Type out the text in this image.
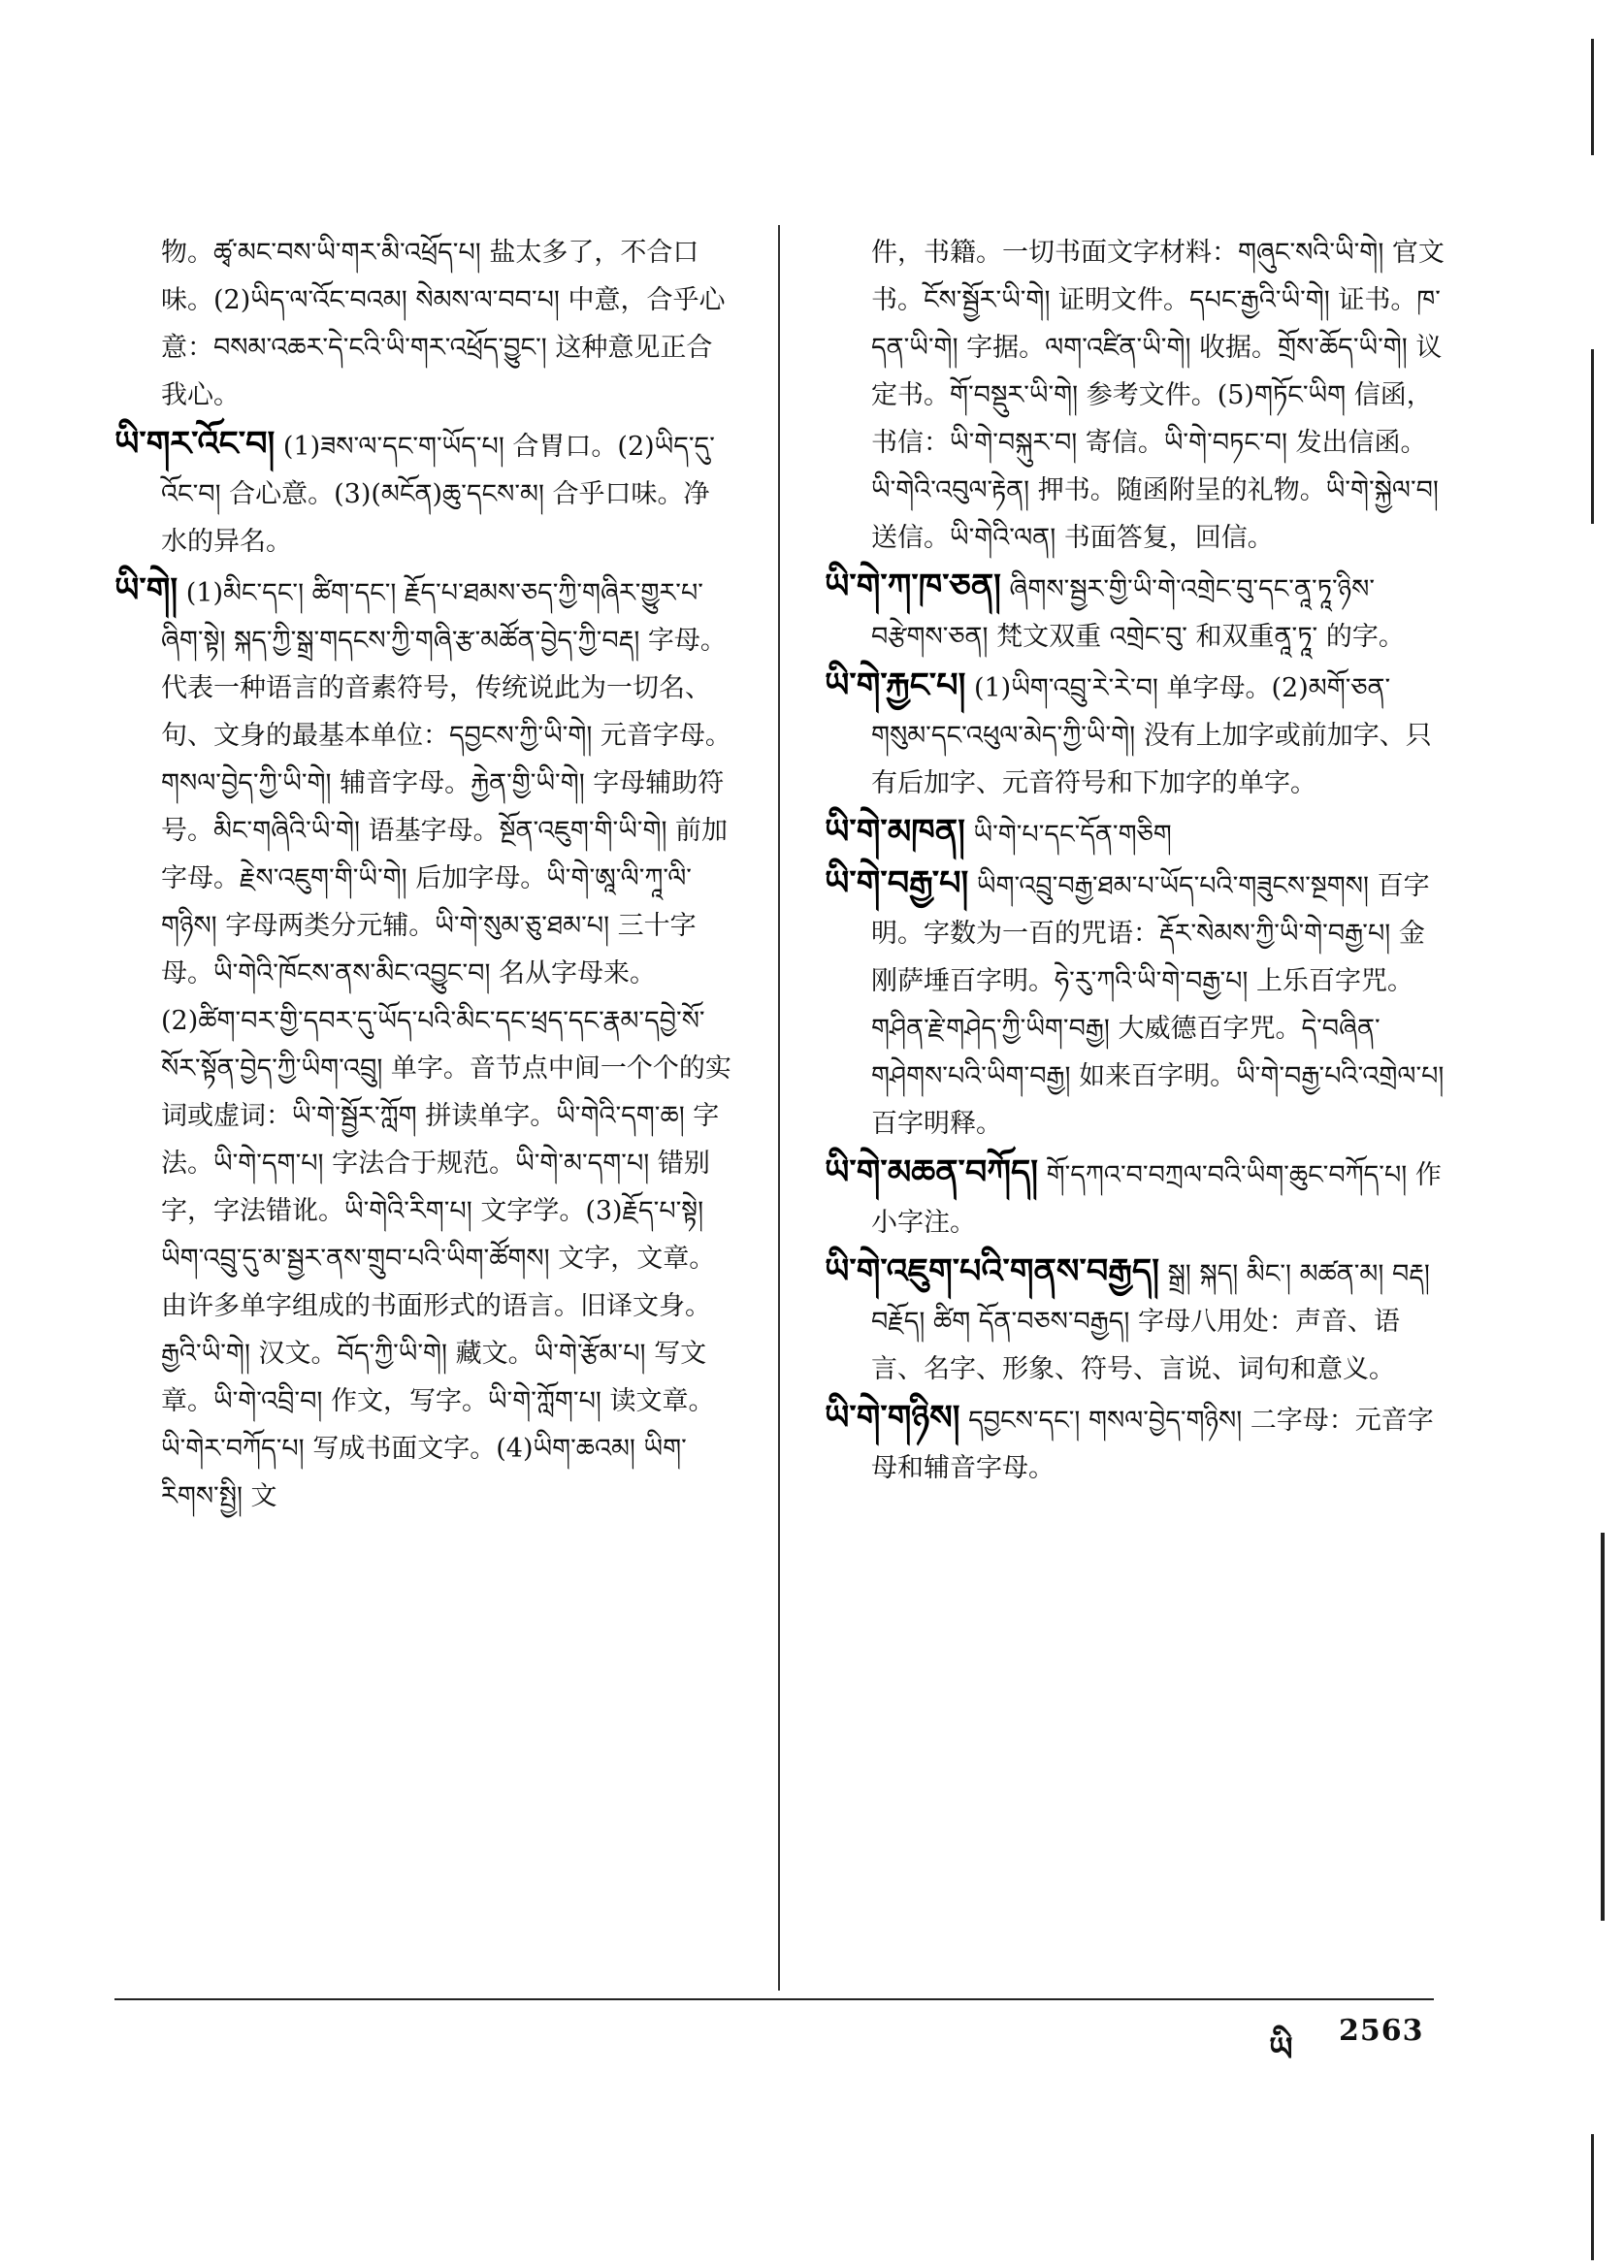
物。ཚྭ་མང་བས་ཡི་གར་མི་འཕྲོད་པ། 盐太多了，不合口味。(2)ཡིད་ལ་འོང་བའམ། སེམས་ལ་བབ་པ། 中意，合乎心意：བསམ་འཆར་དེ་ངའི་ཡི་གར་འཕྲོད་བྱུང་། 这种意见正合我心。
ཡི་གར་འོང་བ། (1)ཟས་ལ་དང་ག་ཡོད་པ། 合胃口。(2)ཡིད་དུ་འོང་བ། 合心意。(3)(མངོན)ཆུ་དངས་མ། 合乎口味。净水的异名。
ཡི་གེ། (1)མིང་དང་། ཚིག་དང་། རྗོད་པ་ཐམས་ཅད་ཀྱི་གཞིར་གྱུར་པ་ཞིག་སྟེ། སྐད་ཀྱི་སྒྲ་གདངས་ཀྱི་གཞི་རྩ་མཚོན་བྱེད་ཀྱི་བརྡ། 字母。代表一种语言的音素符号，传统说此为一切名、句、文身的最基本单位：དབྱངས་ཀྱི་ཡི་གེ། 元音字母。གསལ་བྱེད་ཀྱི་ཡི་གེ། 辅音字母。རྐྱེན་གྱི་ཡི་གེ། 字母辅助符号。མིང་གཞིའི་ཡི་གེ། 语基字母。སྔོན་འཇུག་གི་ཡི་གེ། 前加字母。རྗེས་འཇུག་གི་ཡི་གེ། 后加字母。ཡི་གེ་ཨཱ་ལི་ཀཱ་ལི་གཉིས། 字母两类分元辅。ཡི་གེ་སུམ་ཅུ་ཐམ་པ། 三十字母。ཡི་གེའི་ཁོངས་ནས་མིང་འབྱུང་བ། 名从字母来。(2)ཚིག་བར་གྱི་དབར་དུ་ཡོད་པའི་མིང་དང་ཕྲད་དང་རྣམ་དབྱེ་སོ་སོར་སྟོན་བྱེད་ཀྱི་ཡིག་འབྲུ། 单字。音节点中间一个个的实词或虚词：ཡི་གེ་སྦྱོར་ཀློག 拼读单字。ཡི་གེའི་དག་ཆ། 字法。ཡི་གེ་དག་པ། 字法合于规范。ཡི་གེ་མ་དག་པ། 错别字，字法错讹。ཡི་གེའི་རིག་པ། 文字学。(3)རྗོད་པ་སྟེ། ཡིག་འབྲུ་དུ་མ་སྦྱར་ནས་གྲུབ་པའི་ཡིག་ཚོགས། 文字，文章。由许多单字组成的书面形式的语言。旧译文身。རྒྱའི་ཡི་གེ། 汉文。བོད་ཀྱི་ཡི་གེ། 藏文。ཡི་གེ་རྩོམ་པ། 写文章。ཡི་གེ་འབྲི་བ། 作文，写字。ཡི་གེ་ཀློག་པ། 读文章。ཡི་གེར་བཀོད་པ། 写成书面文字。(4)ཡིག་ཆའམ། ཡིག་རིགས་སྤྱི། 文
件，书籍。一切书面文字材料：གཞུང་སའི་ཡི་གེ། 官文书。ངོས་སྦྱོར་ཡི་གེ། 证明文件。དཔང་རྒྱའི་ཡི་གེ། 证书。ཁ་དན་ཡི་གེ། 字据。ལག་འཛིན་ཡི་གེ། 收据。གྲོས་ཆོད་ཡི་གེ། 议定书。གོ་བསྡུར་ཡི་གེ། 参考文件。(5)གཏོང་ཡིག 信函，书信：ཡི་གེ་བསྐུར་བ། 寄信。ཡི་གེ་བཏང་བ། 发出信函。ཡི་གེའི་འབུལ་རྟེན། 押书。随函附呈的礼物。ཡི་གེ་སྐྱེལ་བ། 送信。ཡི་གེའི་ལན། 书面答复，回信。
ཡི་གེ་ཀ་ཁ་ཅན། ཞིགས་སྦྱར་གྱི་ཡི་གེ་འགྲེང་བུ་དང་ནཱ་ཏཱ་ཉིས་བརྩེགས་ཅན། 梵文双重 འགྲེང་བུ་ 和双重ནཱ་ཏཱ་ 的字。
ཡི་གེ་རྐྱང་པ། (1)ཡིག་འབྲུ་རེ་རེ་བ། 单字母。(2)མགོ་ཅན་གསུམ་དང་འཕུལ་མེད་ཀྱི་ཡི་གེ། 没有上加字或前加字、只有后加字、元音符号和下加字的单字。
ཡི་གེ་མཁན། ཡི་གེ་པ་དང་དོན་གཅིག
ཡི་གེ་བརྒྱ་པ། ཡིག་འབྲུ་བརྒྱ་ཐམ་པ་ཡོད་པའི་གཟུངས་སྔགས། 百字明。字数为一百的咒语：རྡོར་སེམས་ཀྱི་ཡི་གེ་བརྒྱ་པ། 金刚萨埵百字明。ཧེ་རུ་ཀའི་ཡི་གེ་བརྒྱ་པ། 上乐百字咒。གཤིན་རྗེ་གཤེད་ཀྱི་ཡིག་བརྒྱ། 大威德百字咒。དེ་བཞིན་གཤེགས་པའི་ཡིག་བརྒྱ། 如来百字明。ཡི་གེ་བརྒྱ་པའི་འགྲེལ་པ། 百字明释。
ཡི་གེ་མཆན་བཀོད། གོ་དཀའ་བ་བཀྲལ་བའི་ཡིག་ཆུང་བཀོད་པ། 作小字注。
ཡི་གེ་འཇུག་པའི་གནས་བརྒྱད། སྒྲ། སྐད། མིང་། མཚན་མ། བརྡ། བརྗོད། ཚིག དོན་བཅས་བརྒྱད། 字母八用处：声音、语言、名字、形象、符号、言说、词句和意义。
ཡི་གེ་གཉིས། དབྱངས་དང་། གསལ་བྱེད་གཉིས། 二字母：元音字母和辅音字母。
ཡི 2563
